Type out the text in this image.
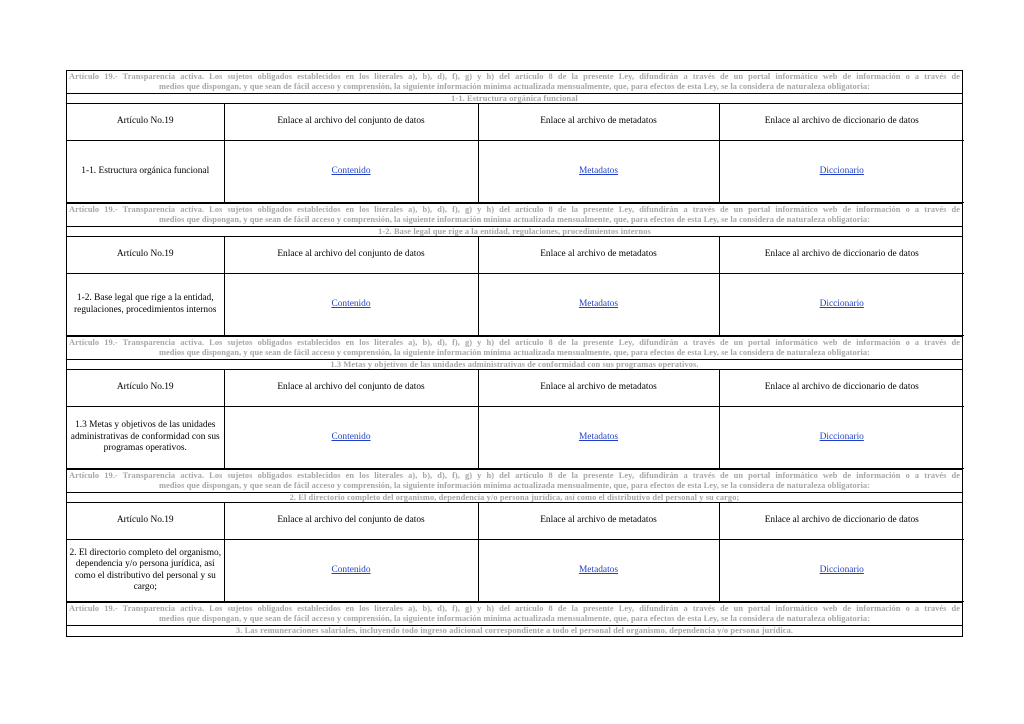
Artículo 19.- Transparencia activa. Los sujetos obligados establecidos en los literales a), b), d), f), g) y h) del artículo 8 de la presente Ley, difundirán a través de un portal informático web de información o a través de
medios que dispongan, y que sean de fácil acceso y comprensión, la siguiente información mínima actualizada mensualmente, que, para efectos de esta Ley, se la considera de naturaleza obligatoria:
1-1. Estructura orgánica funcional
Artículo No.19	Enlace al archivo del conjunto de datos	Enlace al archivo de metadatos	Enlace al archivo de diccionario de datos
1-1. Estructura orgánica funcional	Contenido	Metadatos	Diccionario
Artículo 19.- Transparencia activa. Los sujetos obligados establecidos en los literales a), b), d), f), g) y h) del artículo 8 de la presente Ley, difundirán a través de un portal informático web de información o a través de
medios que dispongan, y que sean de fácil acceso y comprensión, la siguiente información mínima actualizada mensualmente, que, para efectos de esta Ley, se la considera de naturaleza obligatoria:
1-2. Base legal que rige a la entidad, regulaciones, procedimientos internos
Artículo No.19	Enlace al archivo del conjunto de datos	Enlace al archivo de metadatos	Enlace al archivo de diccionario de datos
1-2. Base legal que rige a la entidad, regulaciones, procedimientos internos	Contenido	Metadatos	Diccionario
Artículo 19.- Transparencia activa. Los sujetos obligados establecidos en los literales a), b), d), f), g) y h) del artículo 8 de la presente Ley, difundirán a través de un portal informático web de información o a través de
medios que dispongan, y que sean de fácil acceso y comprensión, la siguiente información mínima actualizada mensualmente, que, para efectos de esta Ley, se la considera de naturaleza obligatoria:
1.3 Metas y objetivos de las unidades administrativas de conformidad con sus programas operativos.
Artículo No.19	Enlace al archivo del conjunto de datos	Enlace al archivo de metadatos	Enlace al archivo de diccionario de datos
1.3 Metas y objetivos de las unidades administrativas de conformidad con sus programas operativos.	Contenido	Metadatos	Diccionario
Artículo 19.- Transparencia activa. Los sujetos obligados establecidos en los literales a), b), d), f), g) y h) del artículo 8 de la presente Ley, difundirán a través de un portal informático web de información o a través de
medios que dispongan, y que sean de fácil acceso y comprensión, la siguiente información mínima actualizada mensualmente, que, para efectos de esta Ley, se la considera de naturaleza obligatoria:
2. El directorio completo del organismo, dependencia y/o persona jurídica, así como el distributivo del personal y su cargo;
Artículo No.19	Enlace al archivo del conjunto de datos	Enlace al archivo de metadatos	Enlace al archivo de diccionario de datos
2. El directorio completo del organismo, dependencia y/o persona jurídica, así como el distributivo del personal y su cargo;	Contenido	Metadatos	Diccionario
Artículo 19.- Transparencia activa. Los sujetos obligados establecidos en los literales a), b), d), f), g) y h) del artículo 8 de la presente Ley, difundirán a través de un portal informático web de información o a través de
medios que dispongan, y que sean de fácil acceso y comprensión, la siguiente información mínima actualizada mensualmente, que, para efectos de esta Ley, se la considera de naturaleza obligatoria:
3. Las remuneraciones salariales, incluyendo todo ingreso adicional correspondiente a todo el personal del organismo, dependencia y/o persona jurídica.
